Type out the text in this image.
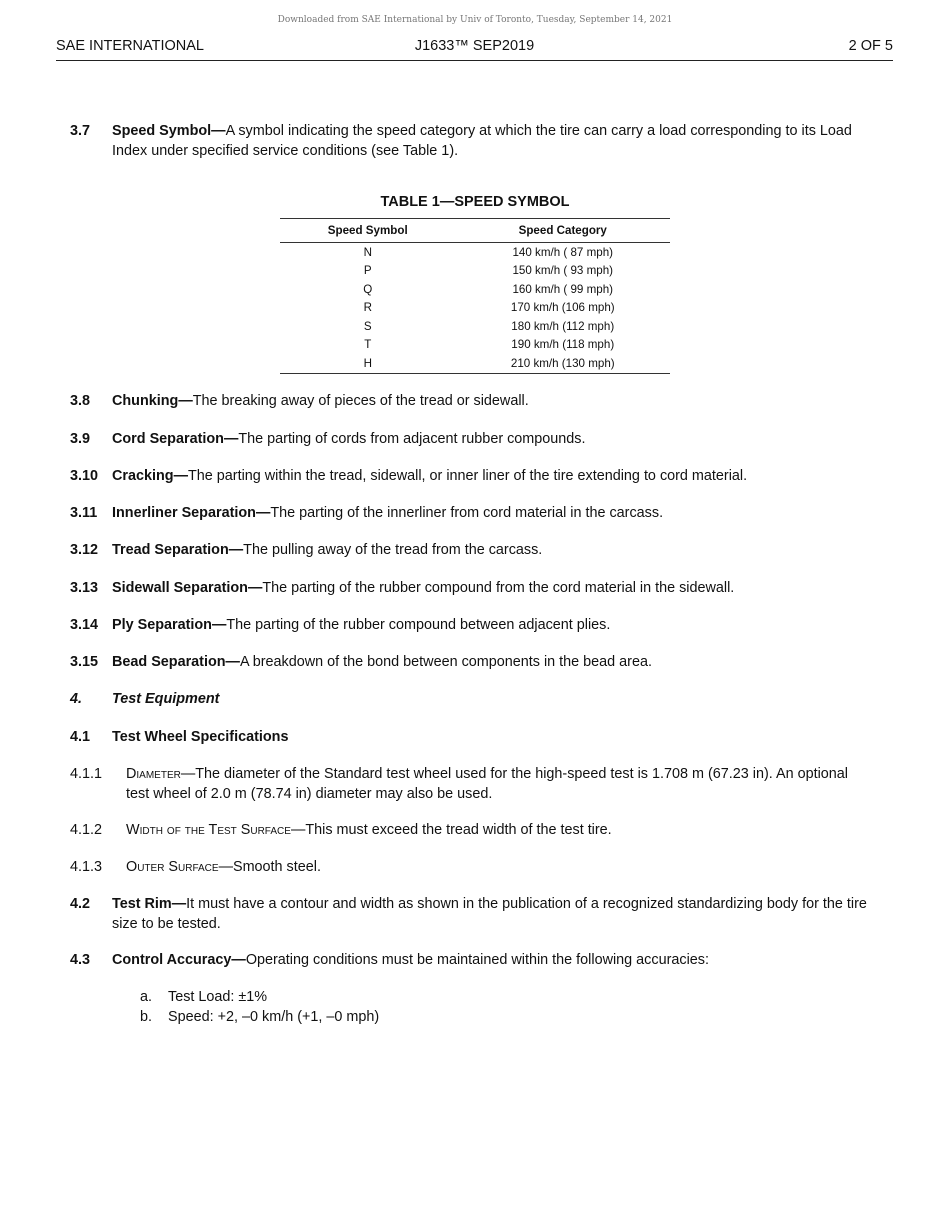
Downloaded from SAE International by Univ of Toronto, Tuesday, September 14, 2021
SAE INTERNATIONAL	J1633™ SEP2019	2 OF 5
3.7 Speed Symbol—A symbol indicating the speed category at which the tire can carry a load corresponding to its Load Index under specified service conditions (see Table 1).
TABLE 1—SPEED SYMBOL
Speed Symbol	Speed Category
N	140 km/h ( 87 mph)
P	150 km/h ( 93 mph)
Q	160 km/h ( 99 mph)
R	170 km/h (106 mph)
S	180 km/h (112 mph)
T	190 km/h (118 mph)
H	210 km/h (130 mph)
3.8 Chunking—The breaking away of pieces of the tread or sidewall.
3.9 Cord Separation—The parting of cords from adjacent rubber compounds.
3.10 Cracking—The parting within the tread, sidewall, or inner liner of the tire extending to cord material.
3.11 Innerliner Separation—The parting of the innerliner from cord material in the carcass.
3.12 Tread Separation—The pulling away of the tread from the carcass.
3.13 Sidewall Separation—The parting of the rubber compound from the cord material in the sidewall.
3.14 Ply Separation—The parting of the rubber compound between adjacent plies.
3.15 Bead Separation—A breakdown of the bond between components in the bead area.
4. Test Equipment
4.1 Test Wheel Specifications
4.1.1 Diameter—The diameter of the Standard test wheel used for the high-speed test is 1.708 m (67.23 in). An optional test wheel of 2.0 m (78.74 in) diameter may also be used.
4.1.2 Width of the Test Surface—This must exceed the tread width of the test tire.
4.1.3 Outer Surface—Smooth steel.
4.2 Test Rim—It must have a contour and width as shown in the publication of a recognized standardizing body for the tire size to be tested.
4.3 Control Accuracy—Operating conditions must be maintained within the following accuracies:
a. Test Load: ±1%
b. Speed: +2, –0 km/h (+1, –0 mph)
